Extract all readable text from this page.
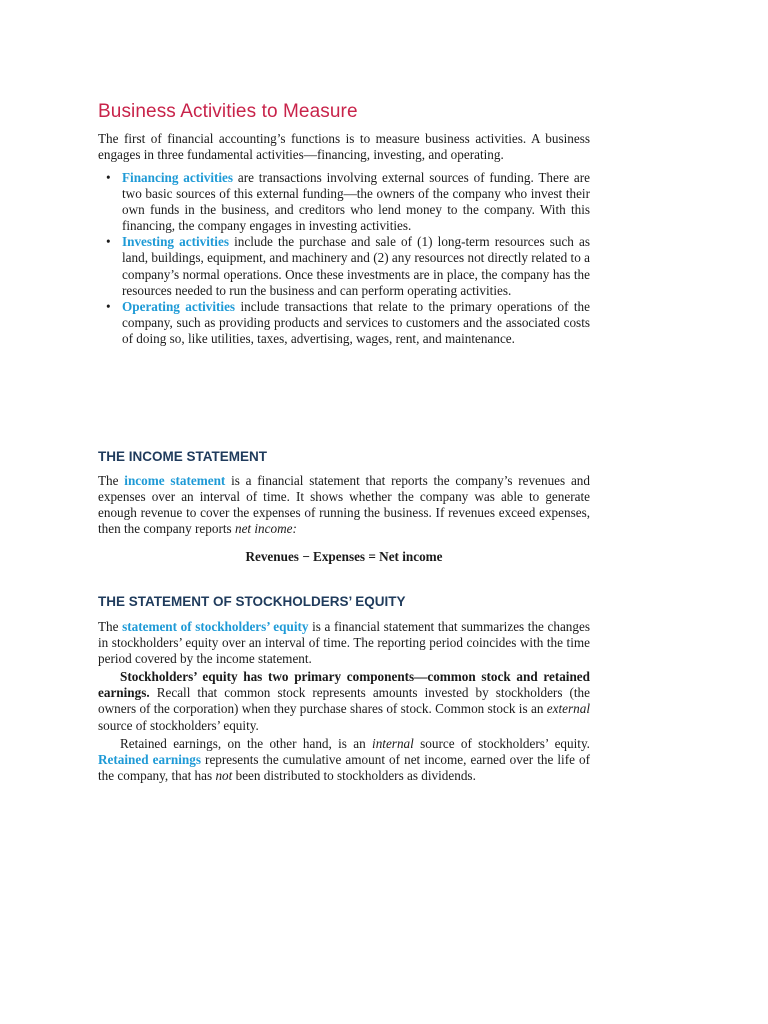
Business Activities to Measure

The first of financial accounting’s functions is to measure business activities. A business engages in three fundamental activities—financing, investing, and operating.

• Financing activities are transactions involving external sources of funding. There are two basic sources of this external funding—the owners of the company who invest their own funds in the business, and creditors who lend money to the company. With this financing, the company engages in investing activities.
• Investing activities include the purchase and sale of (1) long-term resources such as land, buildings, equipment, and machinery and (2) any resources not directly related to a company’s normal operations. Once these investments are in place, the company has the resources needed to run the business and can perform operating activities.
• Operating activities include transactions that relate to the primary operations of the company, such as providing products and services to customers and the associated costs of doing so, like utilities, taxes, advertising, wages, rent, and maintenance.
THE INCOME STATEMENT

The income statement is a financial statement that reports the company’s revenues and expenses over an interval of time. It shows whether the company was able to generate enough revenue to cover the expenses of running the business. If revenues exceed expenses, then the company reports net income:

Revenues − Expenses = Net income

THE STATEMENT OF STOCKHOLDERS’ EQUITY

The statement of stockholders’ equity is a financial statement that summarizes the changes in stockholders’ equity over an interval of time. The reporting period coincides with the time period covered by the income statement.

Stockholders’ equity has two primary components—common stock and retained earnings. Recall that common stock represents amounts invested by stockholders (the owners of the corporation) when they purchase shares of stock. Common stock is an external source of stockholders’ equity.

Retained earnings, on the other hand, is an internal source of stockholders’ equity. Retained earnings represents the cumulative amount of net income, earned over the life of the company, that has not been distributed to stockholders as dividends.
